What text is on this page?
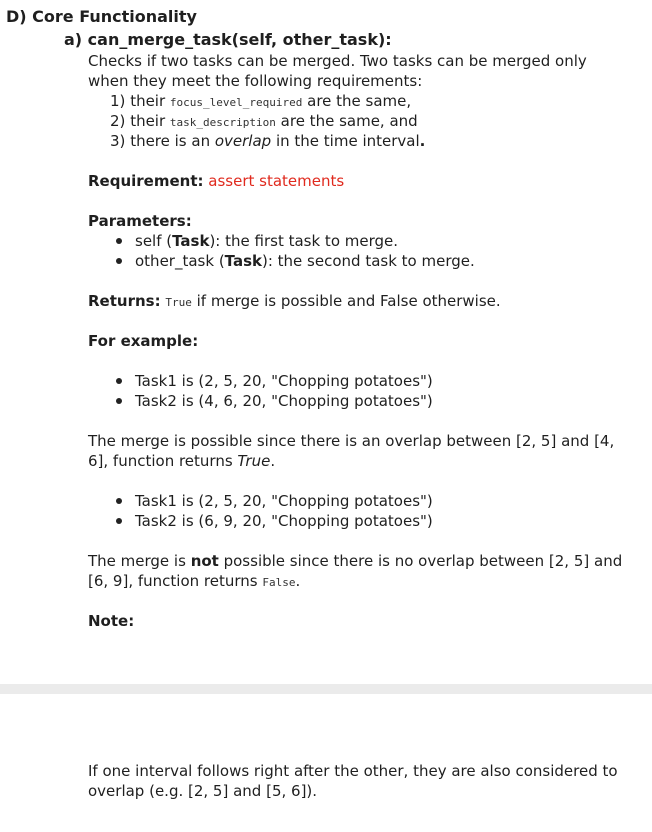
D) Core Functionality
a) can_merge_task(self, other_task):
Checks if two tasks can be merged. Two tasks can be merged only
when they meet the following requirements:
1) their focus_level_required are the same,
2) their task_description are the same, and
3) there is an overlap in the time interval.
Requirement: assert statements
Parameters:
self (Task): the first task to merge.
other_task (Task): the second task to merge.
Returns: True if merge is possible and False otherwise.
For example:
Task1 is (2, 5, 20, "Chopping potatoes")
Task2 is (4, 6, 20, "Chopping potatoes")
The merge is possible since there is an overlap between [2, 5] and [4,
6], function returns True.
Task1 is (2, 5, 20, "Chopping potatoes")
Task2 is (6, 9, 20, "Chopping potatoes")
The merge is not possible since there is no overlap between [2, 5] and
[6, 9], function returns False.
Note:
If one interval follows right after the other, they are also considered to
overlap (e.g. [2, 5] and [5, 6]).
